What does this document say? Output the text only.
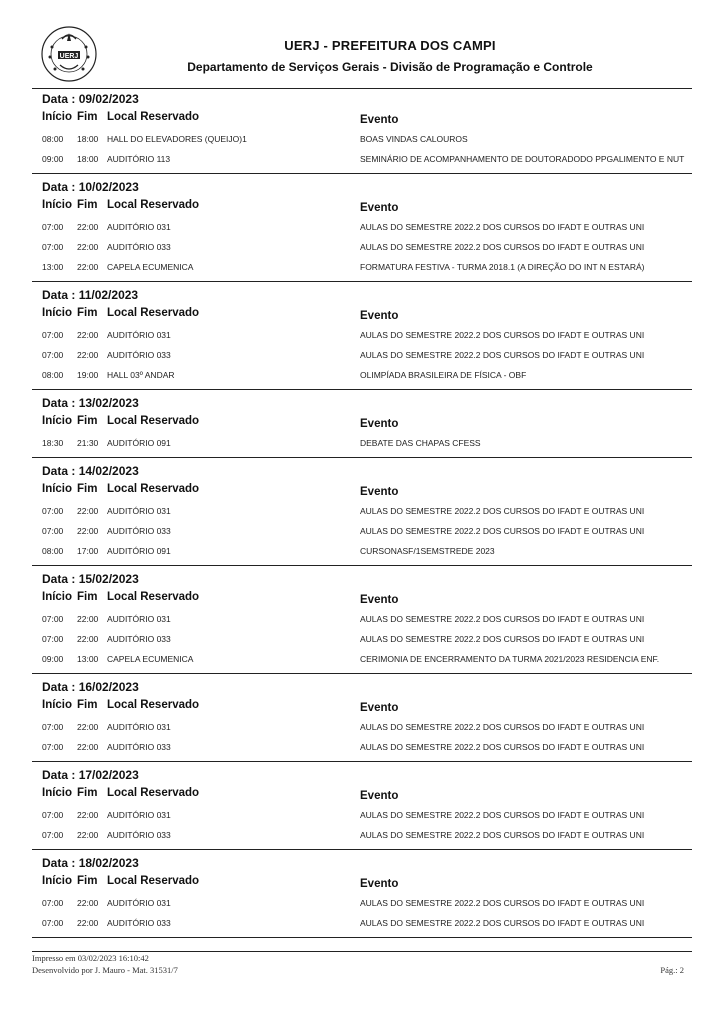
UERJ
UERJ - PREFEITURA DOS CAMPI
Departamento de Serviços Gerais - Divisão de Programação e Controle
Data : 09/02/2023
Início Fim Local Reservado	Evento
08:00 18:00 HALL DO ELEVADORES (QUEIJO)1	BOAS VINDAS CALOUROS
09:00 18:00 AUDITÓRIO 113	SEMINÁRIO DE ACOMPANHAMENTO DE DOUTORADODO PPGALIMENTO E NUT
Data : 10/02/2023
Início Fim Local Reservado	Evento
07:00 22:00 AUDITÓRIO 031	AULAS DO SEMESTRE 2022.2 DOS CURSOS DO IFADT E OUTRAS UNI
07:00 22:00 AUDITÓRIO 033	AULAS DO SEMESTRE 2022.2 DOS CURSOS DO IFADT E OUTRAS UNI
13:00 22:00 CAPELA ECUMENICA	FORMATURA FESTIVA - TURMA 2018.1 (A DIREÇÃO DO INT N ESTARÁ)
Data : 11/02/2023
Início Fim Local Reservado	Evento
07:00 22:00 AUDITÓRIO 031	AULAS DO SEMESTRE 2022.2 DOS CURSOS DO IFADT E OUTRAS UNI
07:00 22:00 AUDITÓRIO 033	AULAS DO SEMESTRE 2022.2 DOS CURSOS DO IFADT E OUTRAS UNI
08:00 19:00 HALL 03º ANDAR	OLIMPÍADA BRASILEIRA DE FÍSICA - OBF
Data : 13/02/2023
Início Fim Local Reservado	Evento
18:30 21:30 AUDITÓRIO 091	DEBATE DAS CHAPAS CFESS
Data : 14/02/2023
Início Fim Local Reservado	Evento
07:00 22:00 AUDITÓRIO 031	AULAS DO SEMESTRE 2022.2 DOS CURSOS DO IFADT E OUTRAS UNI
07:00 22:00 AUDITÓRIO 033	AULAS DO SEMESTRE 2022.2 DOS CURSOS DO IFADT E OUTRAS UNI
08:00 17:00 AUDITÓRIO 091	CURSONASF/1SEMSTREDE 2023
Data : 15/02/2023
Início Fim Local Reservado	Evento
07:00 22:00 AUDITÓRIO 031	AULAS DO SEMESTRE 2022.2 DOS CURSOS DO IFADT E OUTRAS UNI
07:00 22:00 AUDITÓRIO 033	AULAS DO SEMESTRE 2022.2 DOS CURSOS DO IFADT E OUTRAS UNI
09:00 13:00 CAPELA ECUMENICA	CERIMONIA DE ENCERRAMENTO DA TURMA 2021/2023 RESIDENCIA ENF.
Data : 16/02/2023
Início Fim Local Reservado	Evento
07:00 22:00 AUDITÓRIO 031	AULAS DO SEMESTRE 2022.2 DOS CURSOS DO IFADT E OUTRAS UNI
07:00 22:00 AUDITÓRIO 033	AULAS DO SEMESTRE 2022.2 DOS CURSOS DO IFADT E OUTRAS UNI
Data : 17/02/2023
Início Fim Local Reservado	Evento
07:00 22:00 AUDITÓRIO 031	AULAS DO SEMESTRE 2022.2 DOS CURSOS DO IFADT E OUTRAS UNI
07:00 22:00 AUDITÓRIO 033	AULAS DO SEMESTRE 2022.2 DOS CURSOS DO IFADT E OUTRAS UNI
Data : 18/02/2023
Início Fim Local Reservado	Evento
07:00 22:00 AUDITÓRIO 031	AULAS DO SEMESTRE 2022.2 DOS CURSOS DO IFADT E OUTRAS UNI
07:00 22:00 AUDITÓRIO 033	AULAS DO SEMESTRE 2022.2 DOS CURSOS DO IFADT E OUTRAS UNI
Impresso em 03/02/2023 16:10:42
Desenvolvido por J. Mauro - Mat. 31531/7	Pág.: 2
